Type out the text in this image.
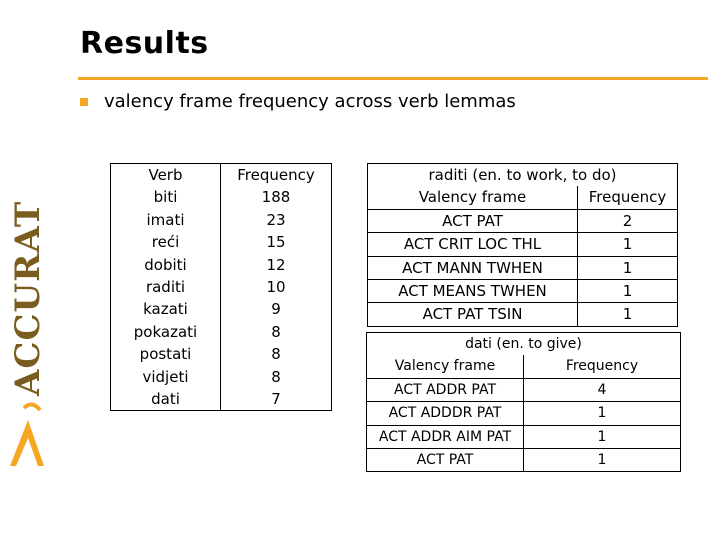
Results
valency frame frequency across verb lemmas
ACCURAT
Verb	Frequency
biti	188
imati	23
reći	15
dobiti	12
raditi	10
kazati	9
pokazati	8
postati	8
vidjeti	8
dati	7
raditi (en. to work, to do)	
Valency frame	Frequency
ACT PAT	2
ACT CRIT LOC THL	1
ACT MANN TWHEN	1
ACT MEANS TWHEN	1
ACT PAT TSIN	1
dati (en. to give)	
Valency frame	Frequency
ACT ADDR PAT	4
ACT ADDDR PAT	1
ACT ADDR AIM PAT	1
ACT PAT	1
